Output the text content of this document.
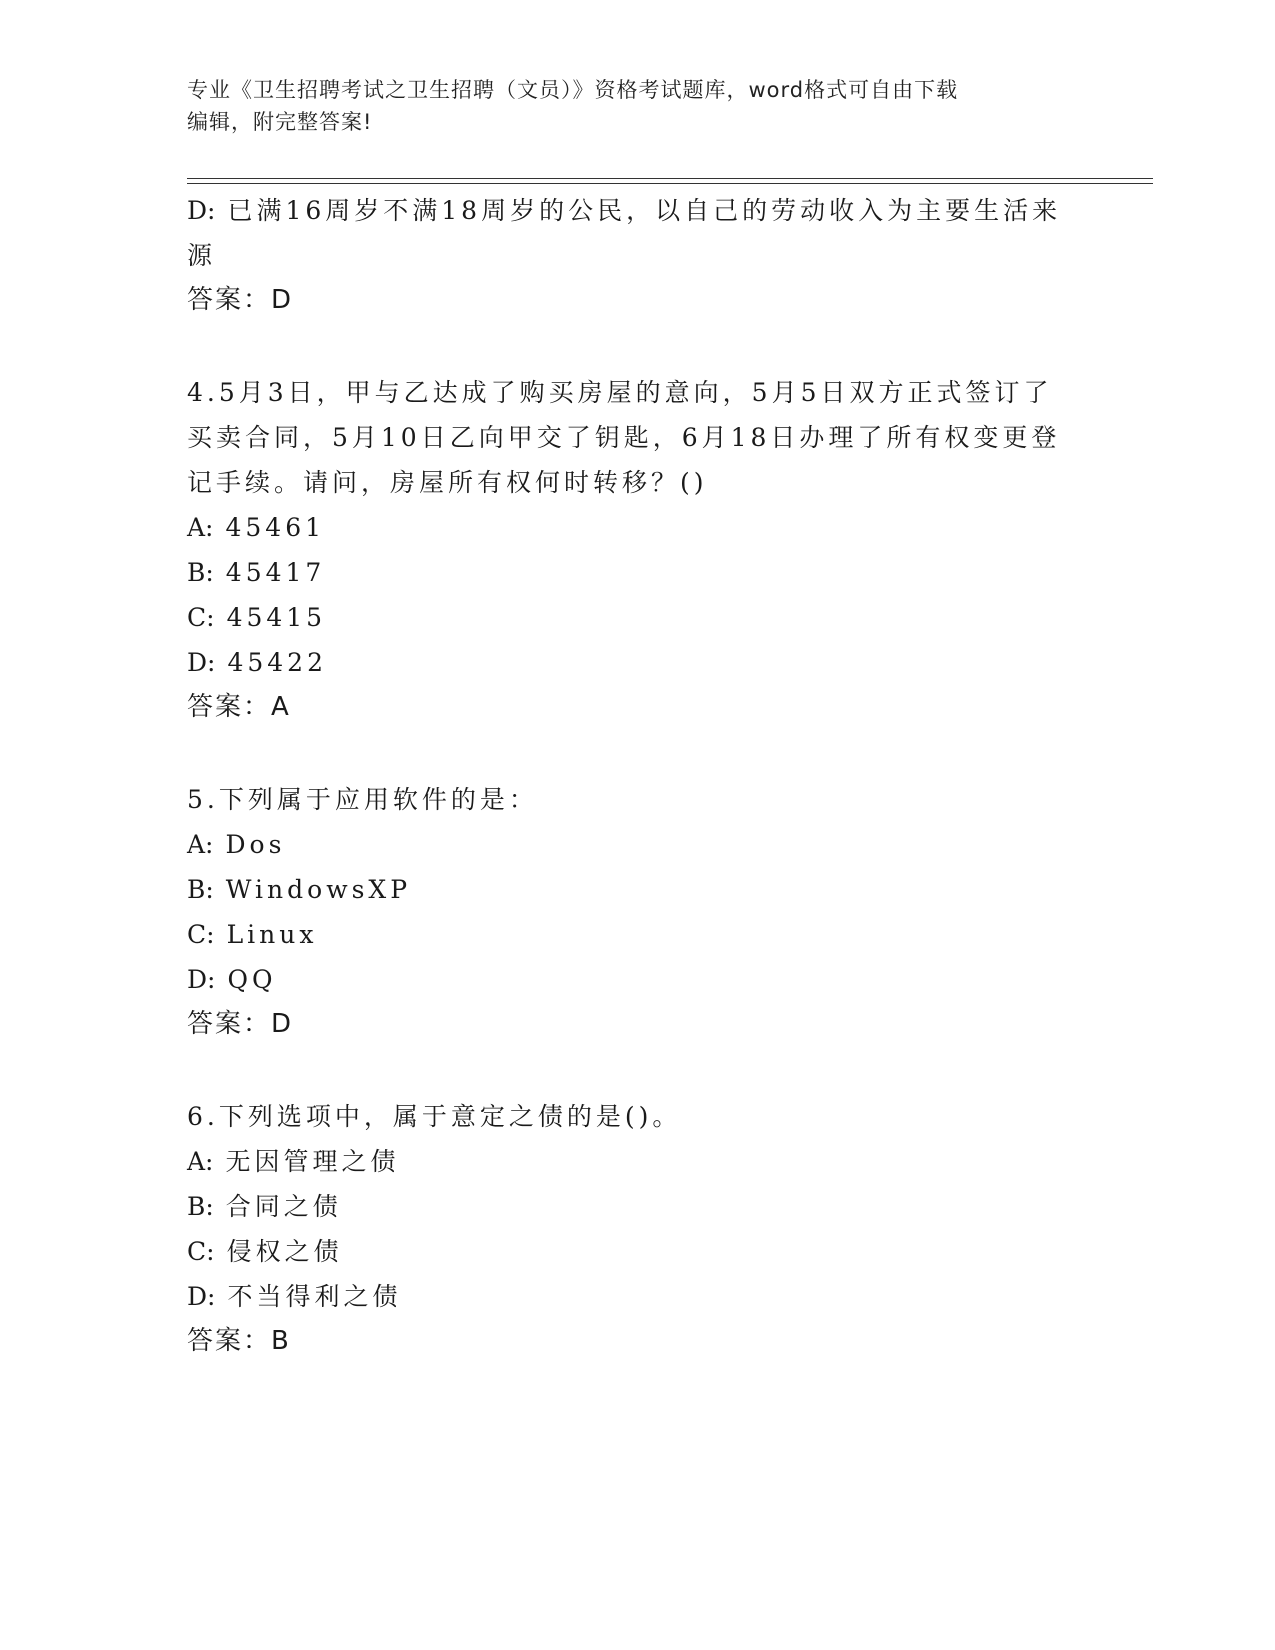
专业《卫生招聘考试之卫生招聘（文员）》资格考试题库，word格式可自由下载
编辑，附完整答案!
D: 已满16周岁不满18周岁的公民，以自己的劳动收入为主要生活来
源
答案：D
4.5月3日，甲与乙达成了购买房屋的意向，5月5日双方正式签订了
买卖合同，5月10日乙向甲交了钥匙，6月18日办理了所有权变更登
记手续。请问，房屋所有权何时转移？()
A: 45461
B: 45417
C: 45415
D: 45422
答案：A
5.下列属于应用软件的是：
A: Dos
B: WindowsXP
C: Linux
D: QQ
答案：D
6.下列选项中，属于意定之债的是()。
A: 无因管理之债
B: 合同之债
C: 侵权之债
D: 不当得利之债
答案：B
